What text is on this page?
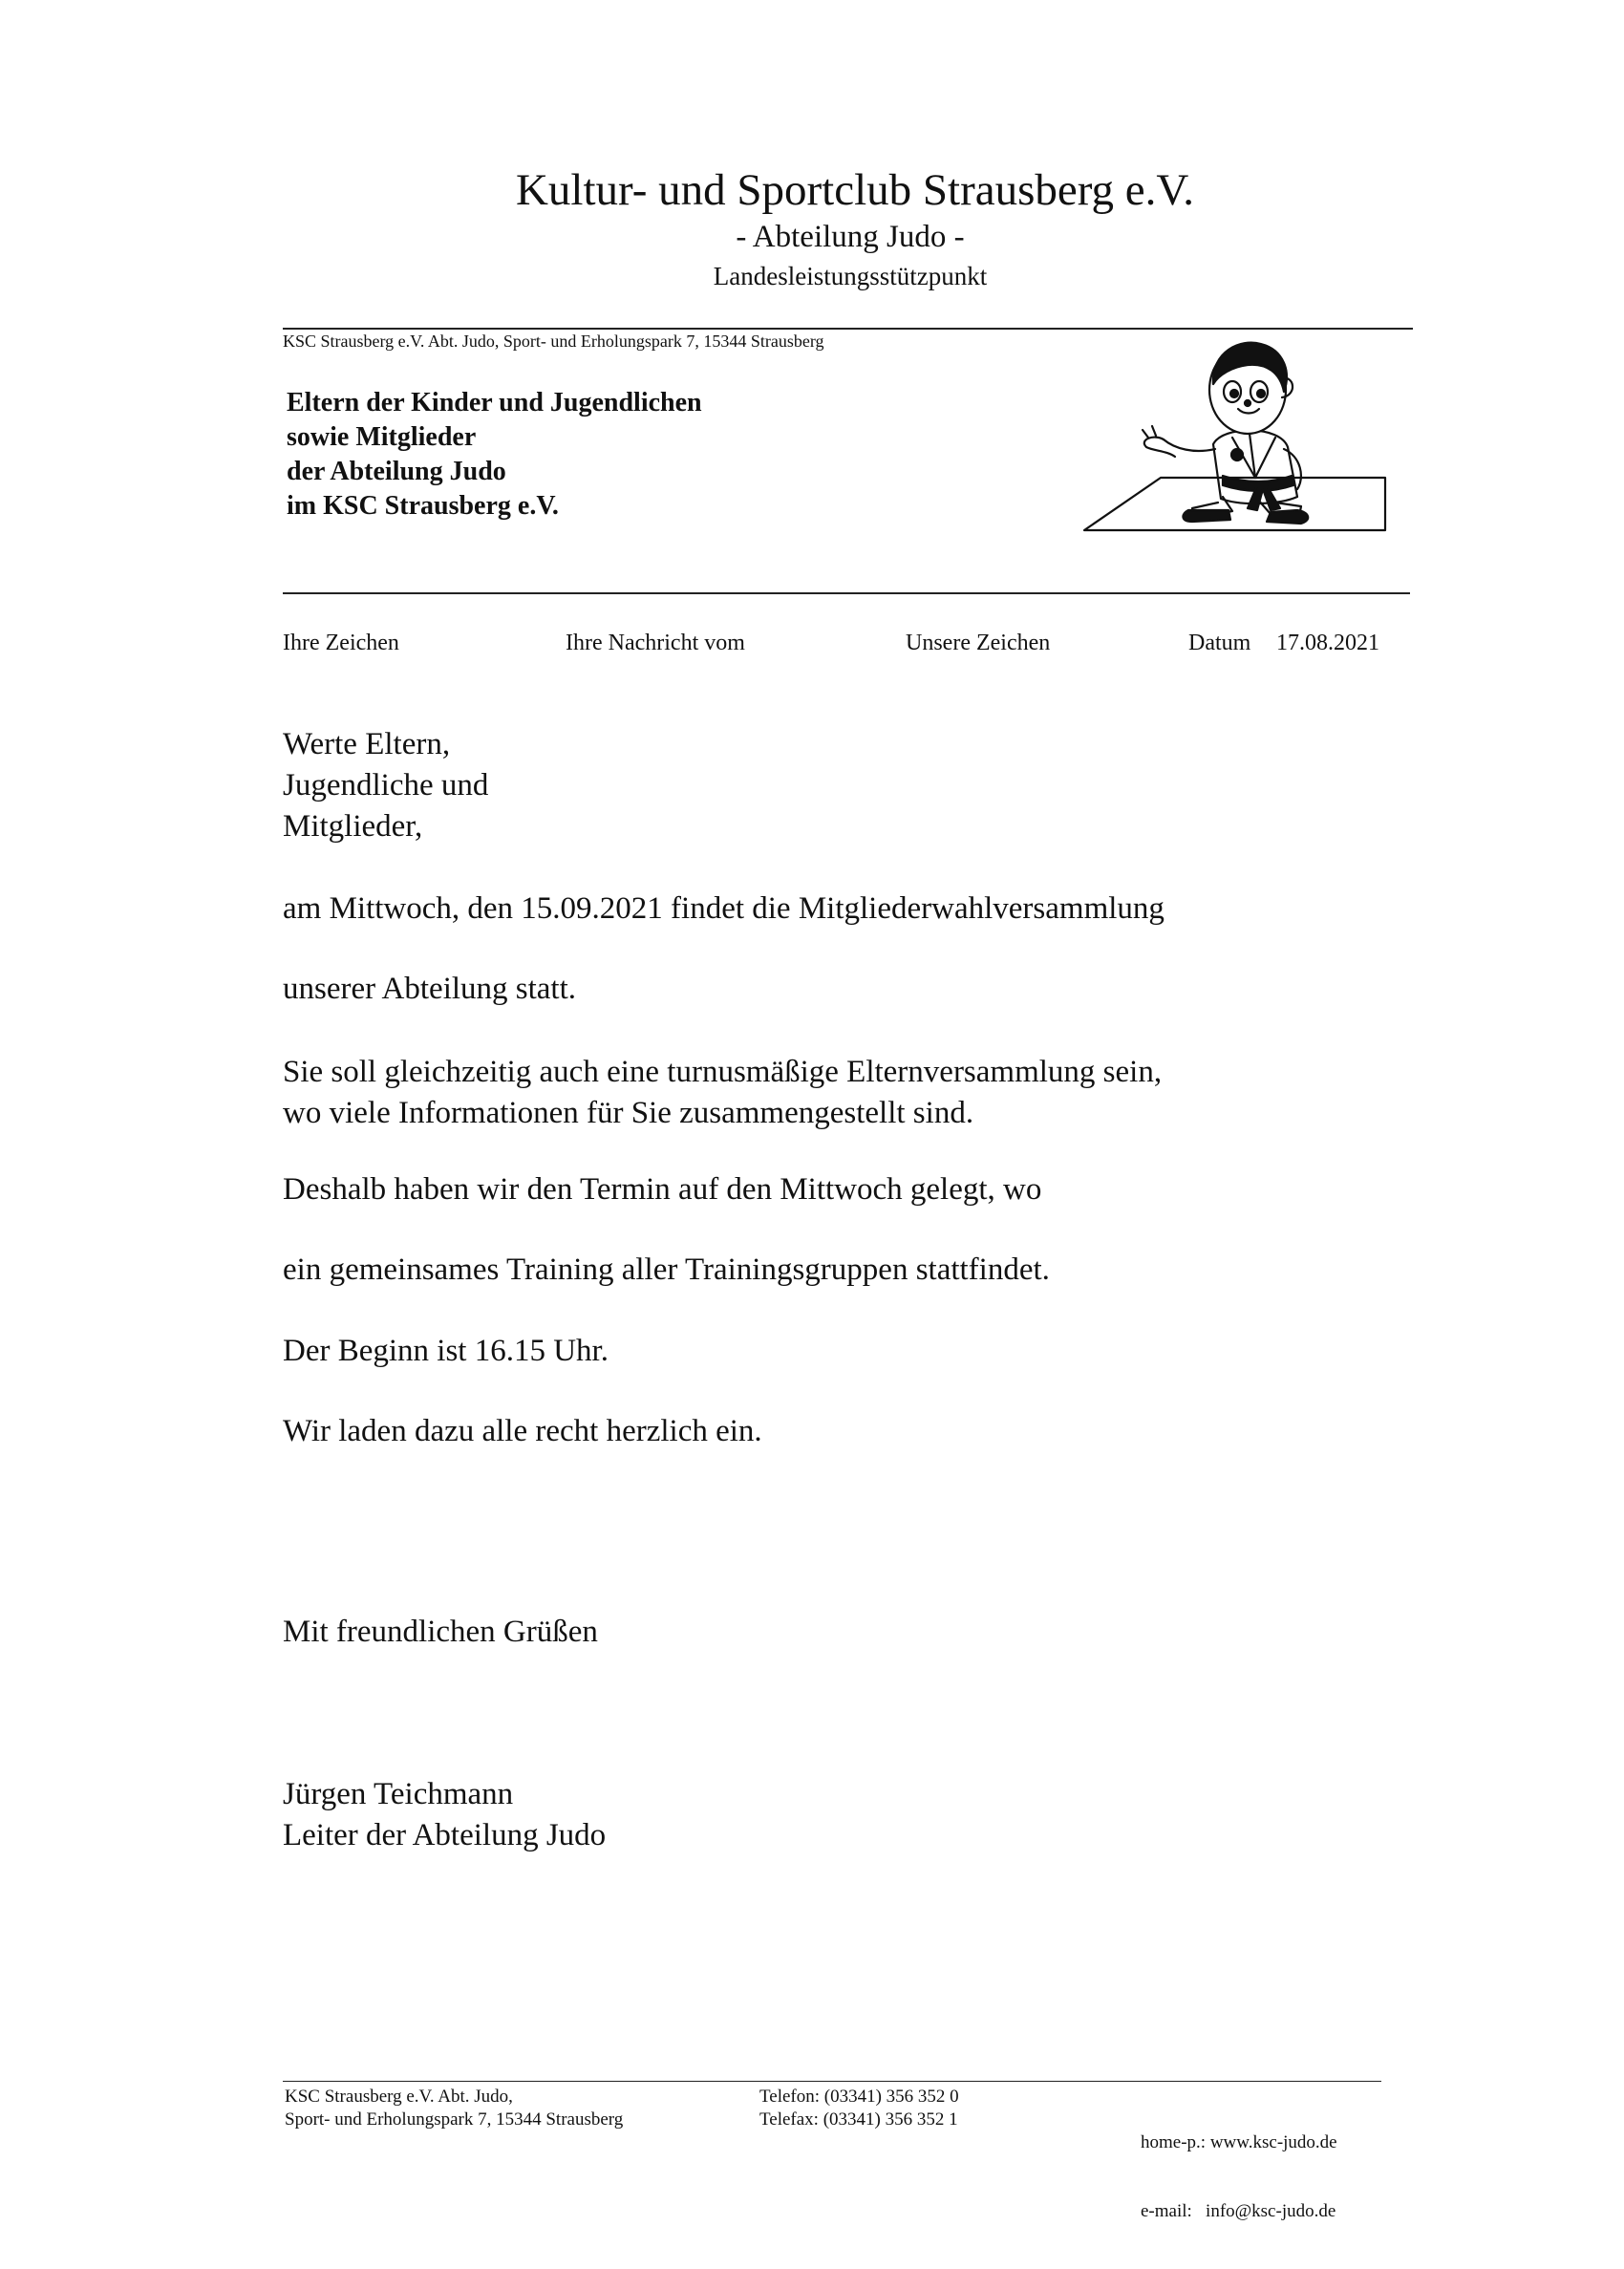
Kultur- und Sportclub Strausberg e.V.
- Abteilung Judo -
Landesleistungsstützpunkt
KSC Strausberg e.V. Abt. Judo, Sport- und Erholungspark 7, 15344 Strausberg
Eltern der Kinder und Jugendlichen
sowie Mitglieder
der Abteilung Judo
im KSC Strausberg e.V.
Ihre Zeichen	Ihre Nachricht vom	Unsere Zeichen	Datum 17.08.2021
Werte Eltern,
Jugendliche und
Mitglieder,
am Mittwoch, den 15.09.2021 findet die Mitgliederwahlversammlung
unserer Abteilung statt.
Sie soll gleichzeitig auch eine turnusmäßige Elternversammlung sein,
wo viele Informationen für Sie zusammengestellt sind.
Deshalb haben wir den Termin auf den Mittwoch gelegt, wo
ein gemeinsames Training aller Trainingsgruppen stattfindet.
Der Beginn ist 16.15 Uhr.
Wir laden dazu alle recht herzlich ein.
Mit freundlichen Grüßen
Jürgen Teichmann
Leiter der Abteilung Judo
KSC Strausberg e.V. Abt. Judo,
Sport- und Erholungspark 7, 15344 Strausberg
Telefon: (03341) 356 352 0
Telefax: (03341) 356 352 1

home-p.: www.ksc-judo.de

e-mail:   info@ksc-judo.de
